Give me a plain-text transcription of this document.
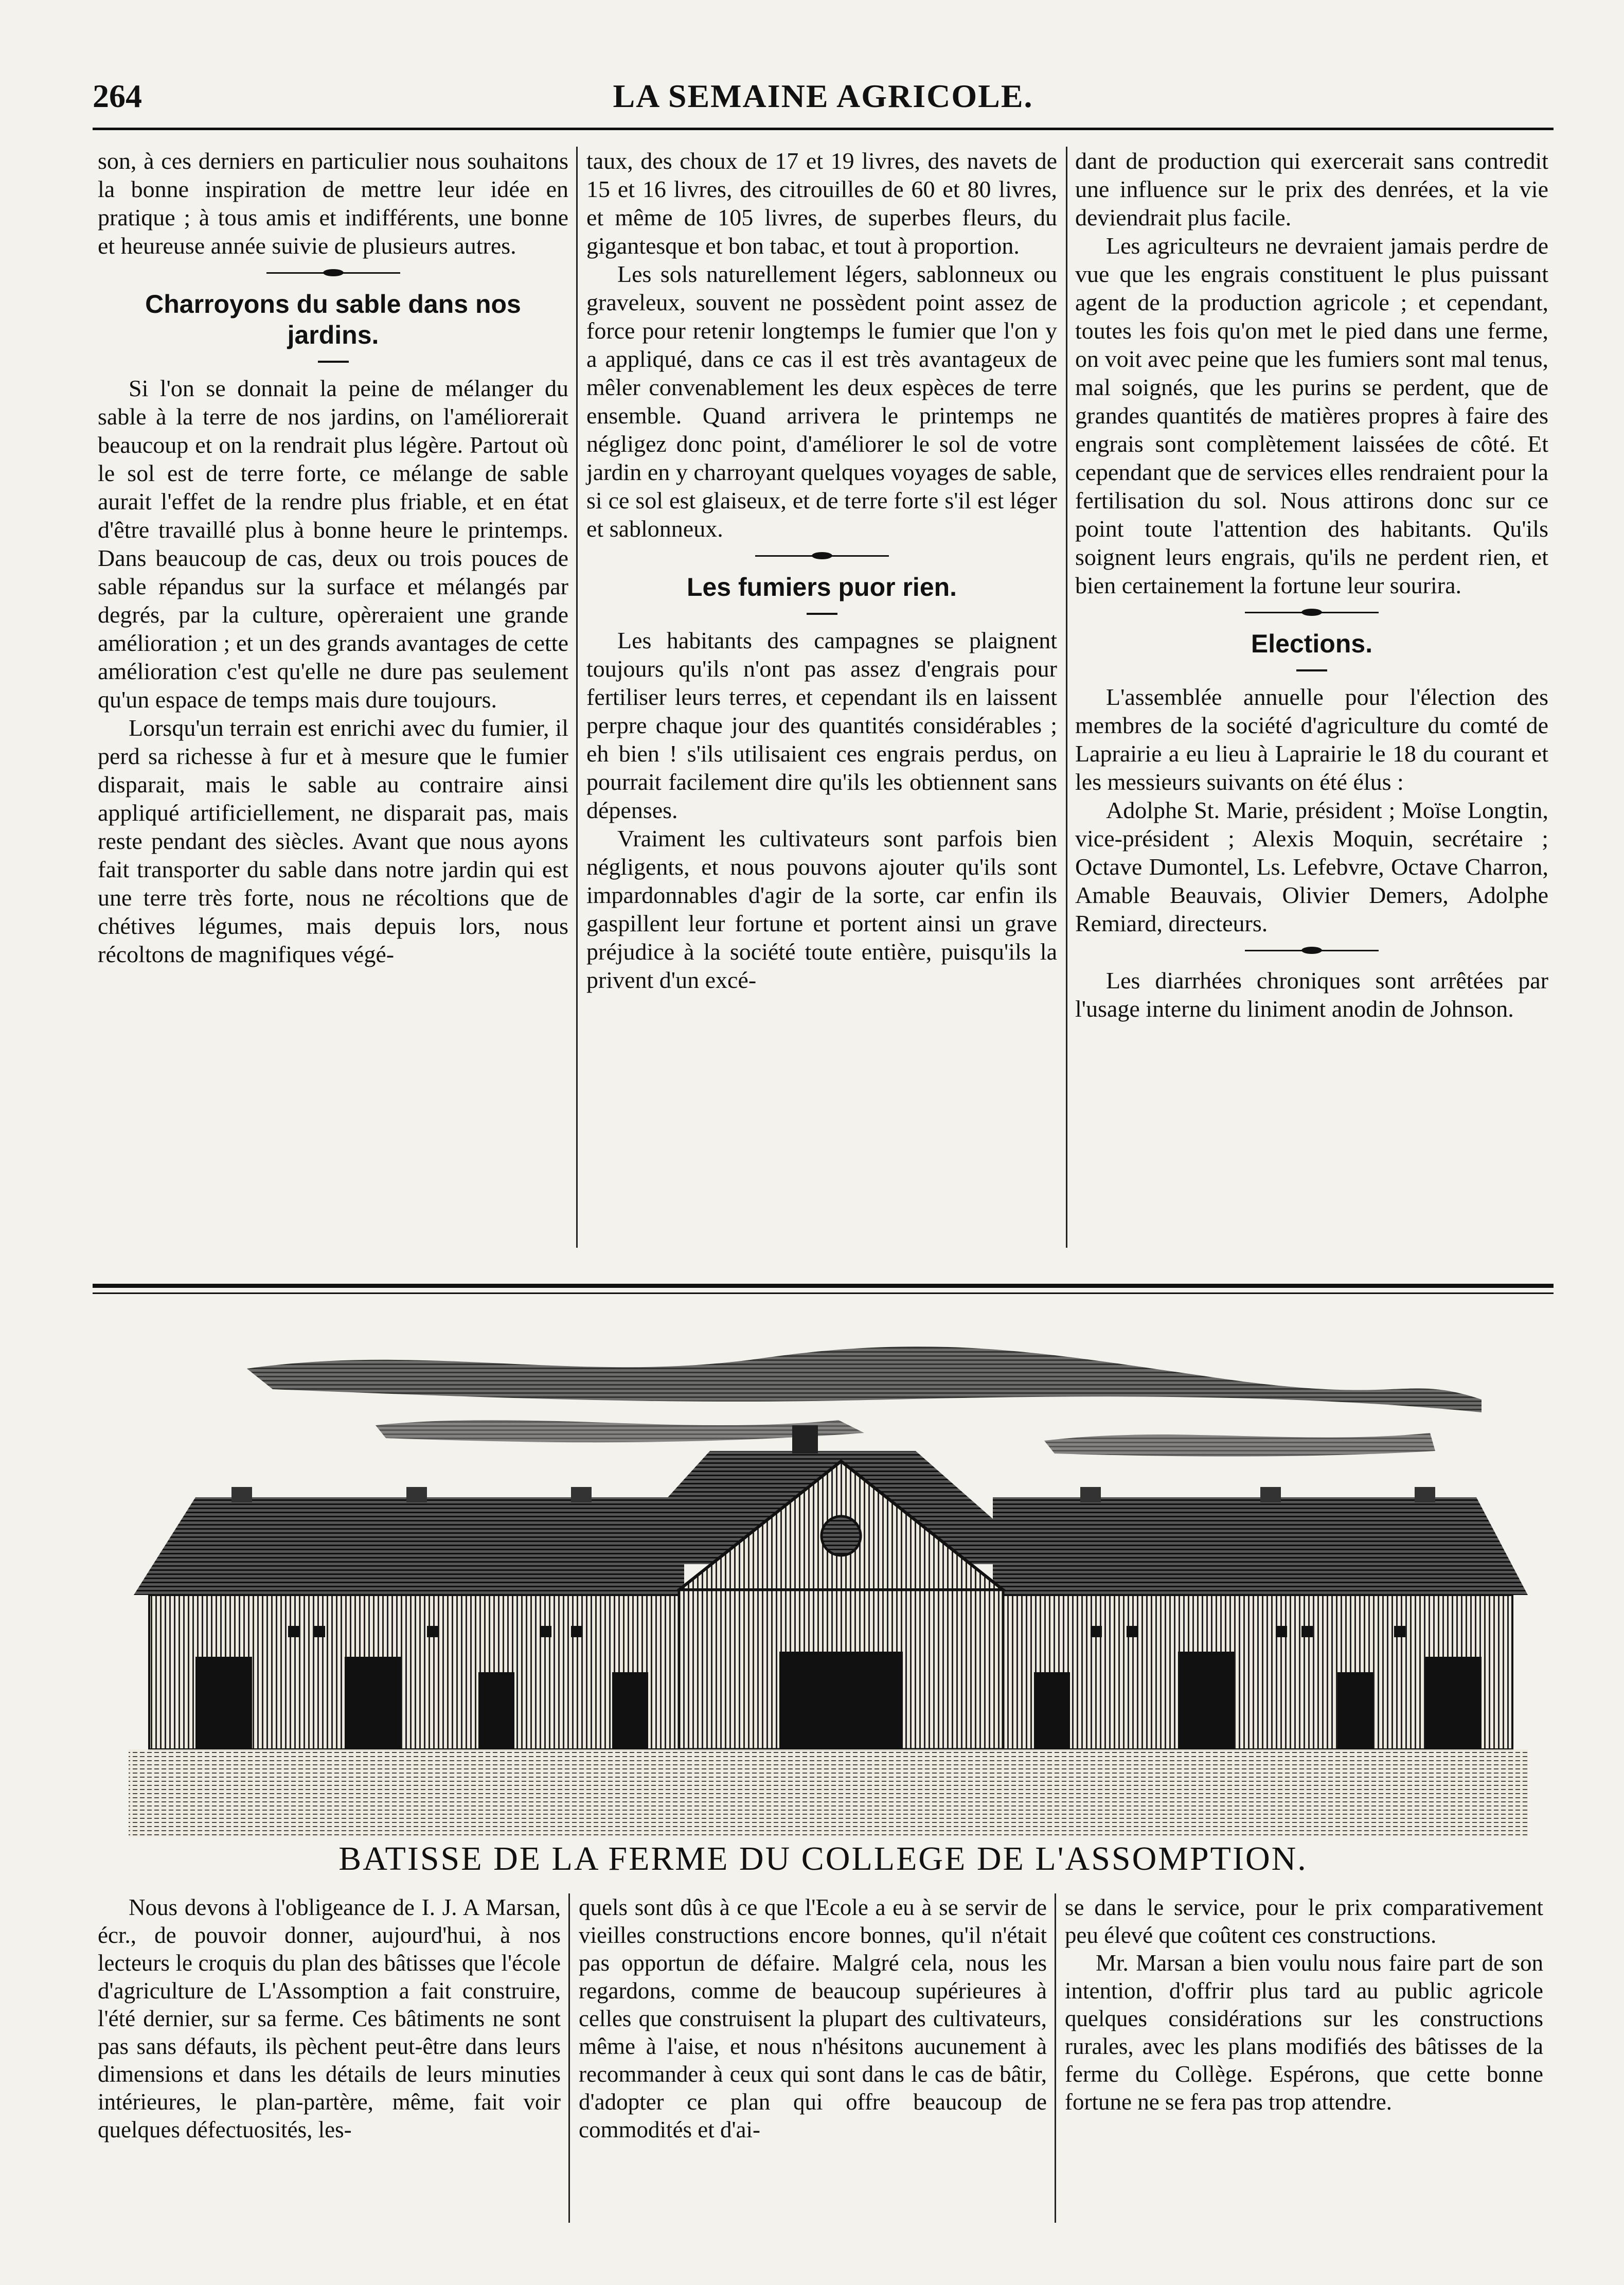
264	LA SEMAINE AGRICOLE.

son, à ces derniers en particulier nous souhaitons la bonne inspiration de mettre leur idée en pratique ; à tous amis et indifférents, une bonne et heureuse année suivie de plusieurs autres.

Charroyons du sable dans nos jardins.

Si l'on se donnait la peine de mélanger du sable à la terre de nos jardins, on l'améliorerait beaucoup et on la rendrait plus légère. Partout où le sol est de terre forte, ce mélange de sable aurait l'effet de la rendre plus friable, et en état d'être travaillé plus à bonne heure le printemps. Dans beaucoup de cas, deux ou trois pouces de sable répandus sur la surface et mélangés par degrés, par la culture, opèreraient une grande amélioration ; et un des grands avantages de cette amélioration c'est qu'elle ne dure pas seulement qu'un espace de temps mais dure toujours.

Lorsqu'un terrain est enrichi avec du fumier, il perd sa richesse à fur et à mesure que le fumier disparait, mais le sable au contraire ainsi appliqué artificiellement, ne disparait pas, mais reste pendant des siècles. Avant que nous ayons fait transporter du sable dans notre jardin qui est une terre très forte, nous ne récoltions que de chétives légumes, mais depuis lors, nous récoltons de magnifiques végé-

taux, des choux de 17 et 19 livres, des navets de 15 et 16 livres, des citrouilles de 60 et 80 livres, et même de 105 livres, de superbes fleurs, du gigantesque et bon tabac, et tout à proportion.

Les sols naturellement légers, sablonneux ou graveleux, souvent ne possèdent point assez de force pour retenir longtemps le fumier que l'on y a appliqué, dans ce cas il est très avantageux de mêler convenablement les deux espèces de terre ensemble. Quand arrivera le printemps ne négligez donc point, d'améliorer le sol de votre jardin en y charroyant quelques voyages de sable, si ce sol est glaiseux, et de terre forte s'il est léger et sablonneux.

Les fumiers puor rien.

Les habitants des campagnes se plaignent toujours qu'ils n'ont pas assez d'engrais pour fertiliser leurs terres, et cependant ils en laissent perpre chaque jour des quantités considérables ; eh bien ! s'ils utilisaient ces engrais perdus, on pourrait facilement dire qu'ils les obtiennent sans dépenses.

Vraiment les cultivateurs sont parfois bien négligents, et nous pouvons ajouter qu'ils sont impardonnables d'agir de la sorte, car enfin ils gaspillent leur fortune et portent ainsi un grave préjudice à la société toute entière, puisqu'ils la privent d'un excé-

dant de production qui exercerait sans contredit une influence sur le prix des denrées, et la vie deviendrait plus facile.

Les agriculteurs ne devraient jamais perdre de vue que les engrais constituent le plus puissant agent de la production agricole ; et cependant, toutes les fois qu'on met le pied dans une ferme, on voit avec peine que les fumiers sont mal tenus, mal soignés, que les purins se perdent, que de grandes quantités de matières propres à faire des engrais sont complètement laissées de côté. Et cependant que de services elles rendraient pour la fertilisation du sol. Nous attirons donc sur ce point toute l'attention des habitants. Qu'ils soignent leurs engrais, qu'ils ne perdent rien, et bien certainement la fortune leur sourira.

Elections.

L'assemblée annuelle pour l'élection des membres de la société d'agriculture du comté de Laprairie a eu lieu à Laprairie le 18 du courant et les messieurs suivants on été élus :

Adolphe St. Marie, président ; Moïse Longtin, vice-président ; Alexis Moquin, secrétaire ; Octave Dumontel, Ls. Lefebvre, Octave Charron, Amable Beauvais, Olivier Demers, Adolphe Remiard, directeurs.

Les diarrhées chroniques sont arrêtées par l'usage interne du liniment anodin de Johnson.

BATISSE DE LA FERME DU COLLEGE DE L'ASSOMPTION.

Nous devons à l'obligeance de I. J. A Marsan, écr., de pouvoir donner, aujourd'hui, à nos lecteurs le croquis du plan des bâtisses que l'école d'agriculture de L'Assomption a fait construire, l'été dernier, sur sa ferme. Ces bâtiments ne sont pas sans défauts, ils pèchent peut-être dans leurs dimensions et dans les détails de leurs minuties intérieures, le plan-partère, même, fait voir quelques défectuosités, les-

quels sont dûs à ce que l'Ecole a eu à se servir de vieilles constructions encore bonnes, qu'il n'était pas opportun de défaire. Malgré cela, nous les regardons, comme de beaucoup supérieures à celles que construisent la plupart des cultivateurs, même à l'aise, et nous n'hésitons aucunement à recommander à ceux qui sont dans le cas de bâtir, d'adopter ce plan qui offre beaucoup de commodités et d'ai-

se dans le service, pour le prix comparativement peu élevé que coûtent ces constructions.

Mr. Marsan a bien voulu nous faire part de son intention, d'offrir plus tard au public agricole quelques considérations sur les constructions rurales, avec les plans modifiés des bâtisses de la ferme du Collège. Espérons, que cette bonne fortune ne se fera pas trop attendre.
